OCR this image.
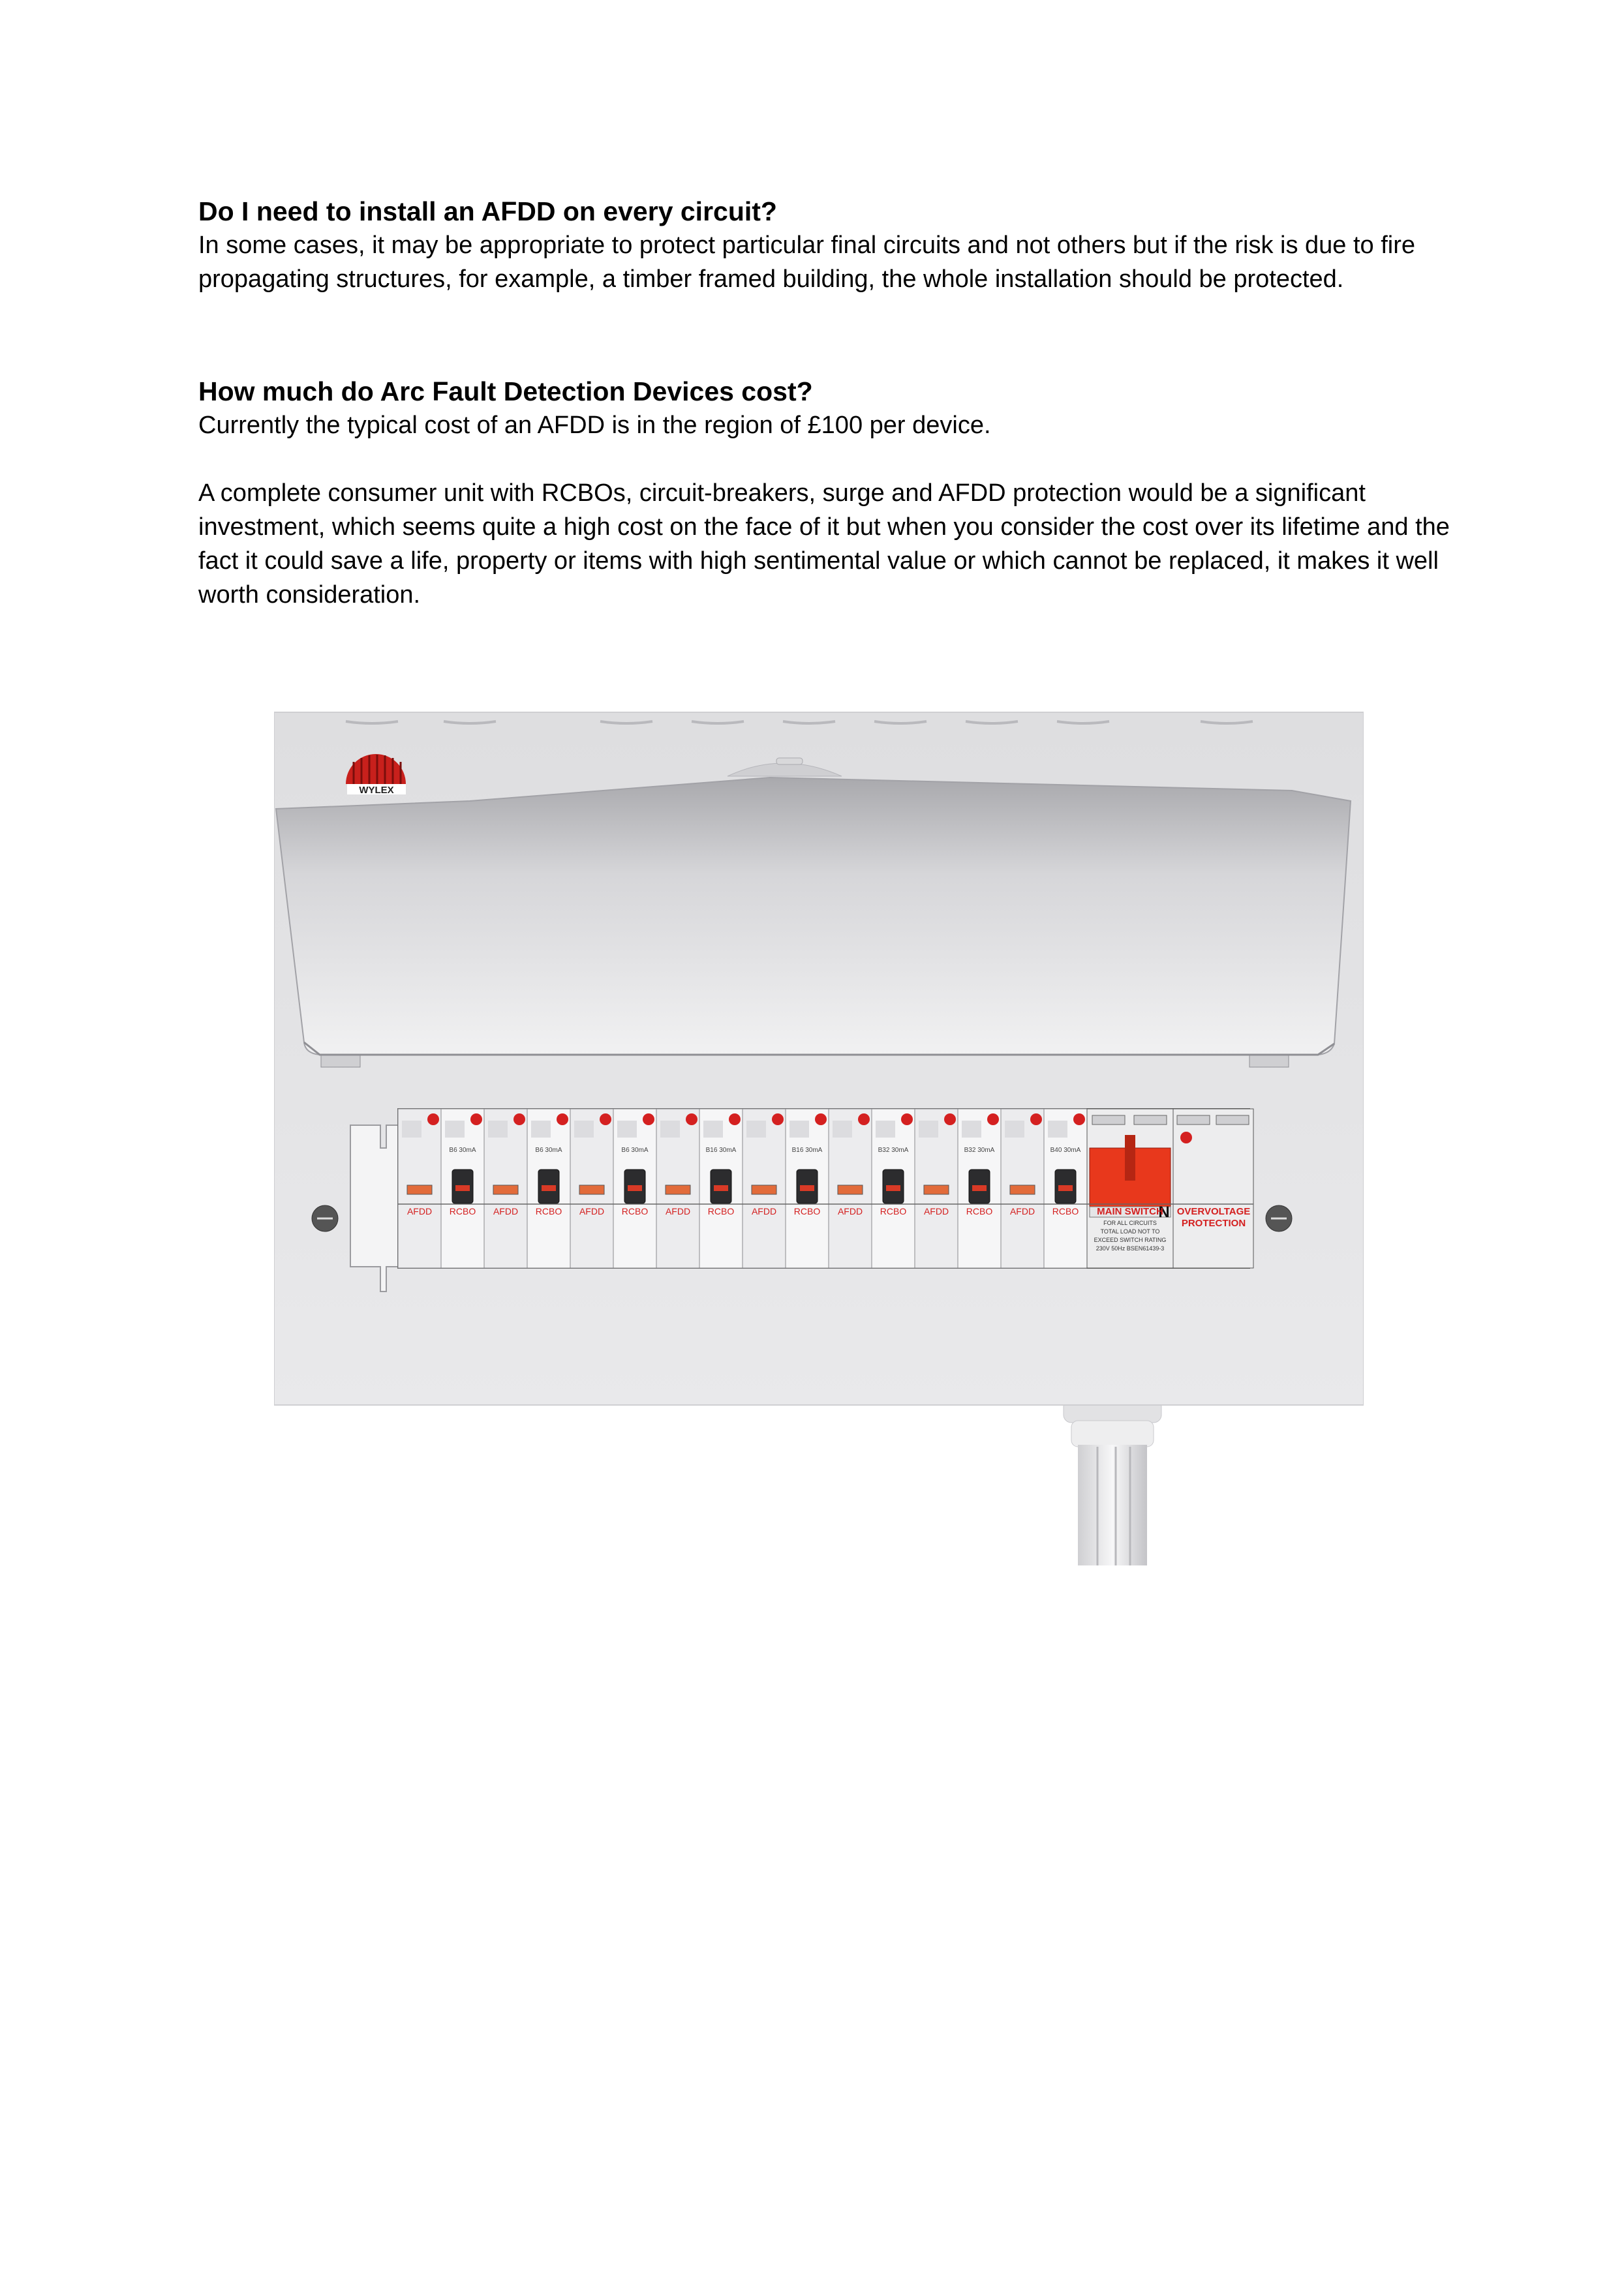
Do I need to install an AFDD on every circuit?

In some cases, it may be appropriate to protect particular final circuits and not others but if the risk is due to fire propagating structures, for example, a timber framed building, the whole installation should be protected.

How much do Arc Fault Detection Devices cost?

Currently the typical cost of an AFDD is in the region of £100 per device.

A complete consumer unit with RCBOs, circuit-breakers, surge and AFDD protection would be a significant investment, which seems quite a high cost on the face of it but when you consider the cost over its lifetime and the fact it could save a life, property or items with high sentimental value or which cannot be replaced, it makes it well worth consideration.

WYLEX
AFDD
B6 30mA
RCBO AFDD
B6 30mA
RCBO AFDD
B6 30mA
RCBO AFDD
B16 30mA
RCBO AFDD
B16 30mA
RCBO AFDD
B32 30mA
RCBO AFDD
B32 30mA
RCBO AFDD
B40 30mA
RCBO	N
MAIN SWITCH
FOR ALL CIRCUITS
TOTAL LOAD NOT TO
EXCEED SWITCH RATING
230V 50Hz BSEN61439-3
OVERVOLTAGE
PROTECTION
